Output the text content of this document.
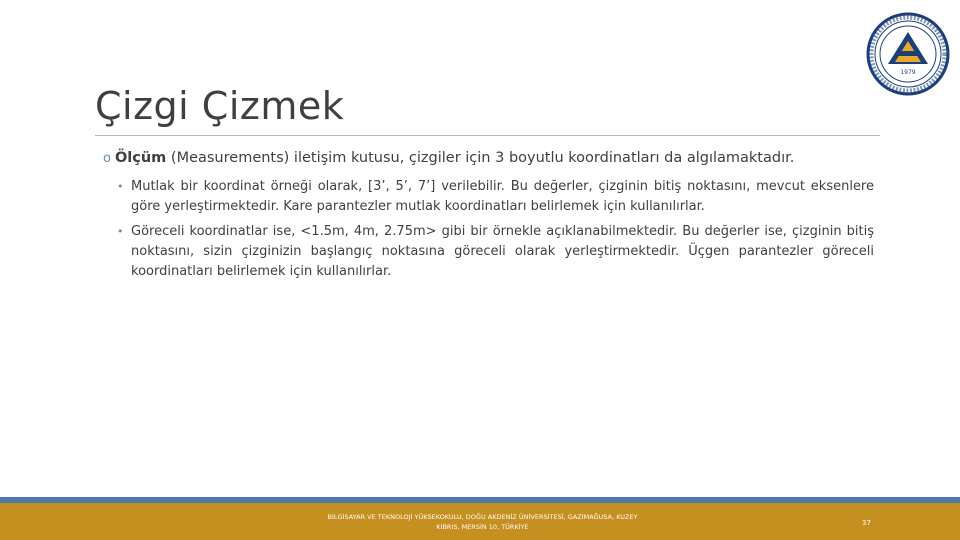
Çizgi Çizmek
1979
o Ölçüm (Measurements) iletişim kutusu, çizgiler için 3 boyutlu koordinatları da algılamaktadır.
• Mutlak bir koordinat örneği olarak, [3’, 5’, 7’] verilebilir. Bu değerler, çizginin bitiş noktasını, mevcut eksenlere göre yerleştirmektedir. Kare parantezler mutlak koordinatları belirlemek için kullanılırlar.
• Göreceli koordinatlar ise, <1.5m, 4m, 2.75m> gibi bir örnekle açıklanabilmektedir. Bu değerler ise, çizginin bitiş noktasını, sizin çizginizin başlangıç noktasına göreceli olarak yerleştirmektedir. Üçgen parantezler göreceli koordinatları belirlemek için kullanılırlar.
BİLGİSAYAR VE TEKNOLOJİ YÜKSEKOKULU, DOĞU AKDENİZ ÜNİVERSİTESİ, GAZİMAĞUSA, KUZEY
KIBRIS, MERSİN 10, TÜRKİYE	37
